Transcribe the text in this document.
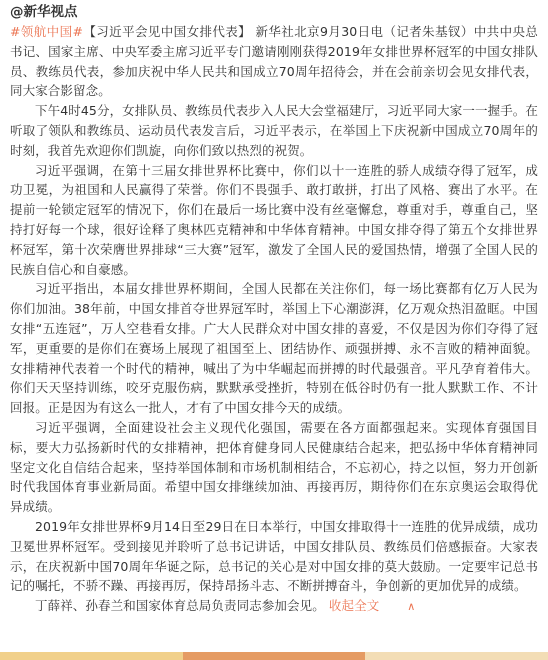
@新华视点

#领航中国#【习近平会见中国女排代表】 新华社北京9月30日电（记者朱基钗）中共中央总书记、国家主席、中央军委主席习近平专门邀请刚刚获得2019年女排世界杯冠军的中国女排队员、教练员代表，参加庆祝中华人民共和国成立70周年招待会，并在会前亲切会见女排代表，同大家合影留念。

下午4时45分，女排队员、教练员代表步入人民大会堂福建厅，习近平同大家一一握手。在听取了领队和教练员、运动员代表发言后，习近平表示，在举国上下庆祝新中国成立70周年的时刻，我首先欢迎你们凯旋，向你们致以热烈的祝贺。

习近平强调，在第十三届女排世界杯比赛中，你们以十一连胜的骄人成绩夺得了冠军，成功卫冕，为祖国和人民赢得了荣誉。你们不畏强手、敢打敢拼，打出了风格、赛出了水平。在提前一轮锁定冠军的情况下，你们在最后一场比赛中没有丝毫懈怠，尊重对手，尊重自己，坚持打好每一个球，很好诠释了奥林匹克精神和中华体育精神。中国女排夺得了第五个女排世界杯冠军，第十次荣膺世界排球“三大赛”冠军，激发了全国人民的爱国热情，增强了全国人民的民族自信心和自豪感。

习近平指出，本届女排世界杯期间，全国人民都在关注你们，每一场比赛都有亿万人民为你们加油。38年前，中国女排首夺世界冠军时，举国上下心潮澎湃，亿万观众热泪盈眶。中国女排“五连冠”，万人空巷看女排。广大人民群众对中国女排的喜爱，不仅是因为你们夺得了冠军，更重要的是你们在赛场上展现了祖国至上、团结协作、顽强拼搏、永不言败的精神面貌。女排精神代表着一个时代的精神，喊出了为中华崛起而拼搏的时代最强音。平凡孕育着伟大。你们天天坚持训练，咬牙克服伤病，默默承受挫折，特别在低谷时仍有一批人默默工作、不计回报。正是因为有这么一批人，才有了中国女排今天的成绩。

习近平强调，全面建设社会主义现代化强国，需要在各方面都强起来。实现体育强国目标，要大力弘扬新时代的女排精神，把体育健身同人民健康结合起来，把弘扬中华体育精神同坚定文化自信结合起来，坚持举国体制和市场机制相结合，不忘初心，持之以恒，努力开创新时代我国体育事业新局面。希望中国女排继续加油、再接再厉，期待你们在东京奥运会取得优异成绩。

2019年女排世界杯9月14日至29日在日本举行，中国女排取得十一连胜的优异成绩，成功卫冕世界杯冠军。受到接见并聆听了总书记讲话，中国女排队员、教练员们倍感振奋。大家表示，在庆祝新中国70周年华诞之际，总书记的关心是对中国女排的莫大鼓励。一定要牢记总书记的嘱托，不骄不躁、再接再厉，保持昂扬斗志、不断拼搏奋斗，争创新的更加优异的成绩。

丁薛祥、孙春兰和国家体育总局负责同志参加会见。 收起全文	∧
